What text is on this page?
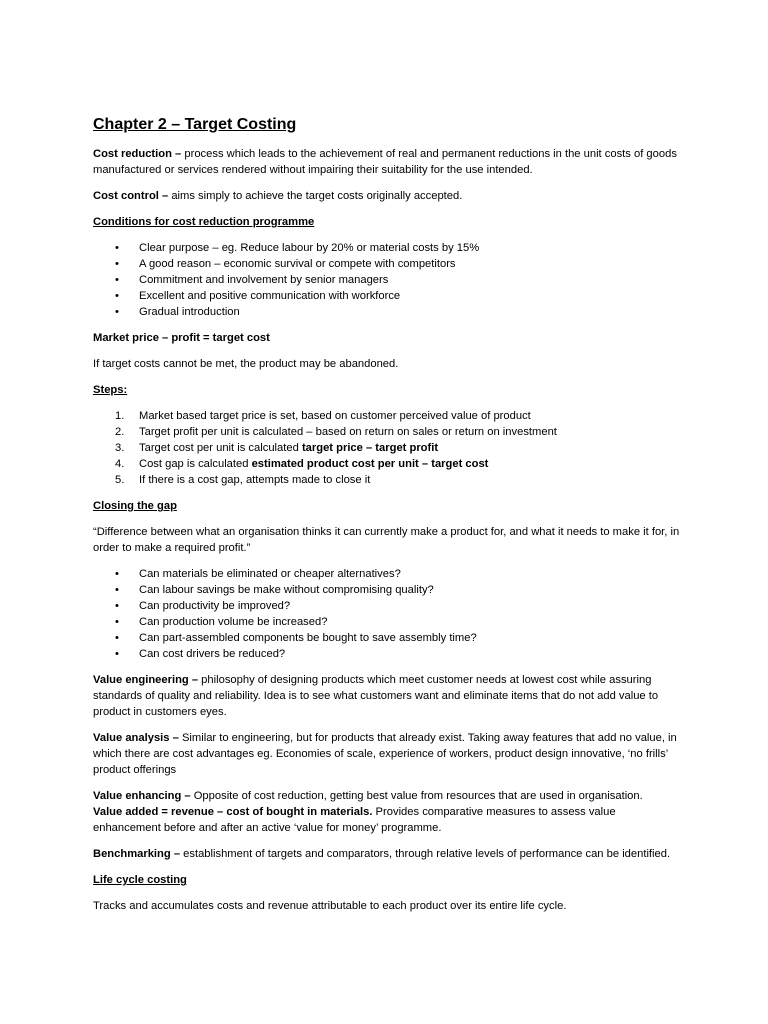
Chapter 2 – Target Costing

Cost reduction – process which leads to the achievement of real and permanent reductions in the unit costs of goods manufactured or services rendered without impairing their suitability for the use intended.

Cost control – aims simply to achieve the target costs originally accepted.

Conditions for cost reduction programme

• Clear purpose – eg. Reduce labour by 20% or material costs by 15%
• A good reason – economic survival or compete with competitors
• Commitment and involvement by senior managers
• Excellent and positive communication with workforce
• Gradual introduction

Market price – profit = target cost

If target costs cannot be met, the product may be abandoned.

Steps:

1.	Market based target price is set, based on customer perceived value of product
2.	Target profit per unit is calculated – based on return on sales or return on investment
3.	Target cost per unit is calculated target price – target profit
4.	Cost gap is calculated estimated product cost per unit – target cost
5.	If there is a cost gap, attempts made to close it

Closing the gap

“Difference between what an organisation thinks it can currently make a product for, and what it needs to make it for, in order to make a required profit.”

• Can materials be eliminated or cheaper alternatives?
• Can labour savings be make without compromising quality?
• Can productivity be improved?
• Can production volume be increased?
• Can part-assembled components be bought to save assembly time?
• Can cost drivers be reduced?

Value engineering – philosophy of designing products which meet customer needs at lowest cost while assuring standards of quality and reliability. Idea is to see what customers want and eliminate items that do not add value to product in customers eyes.

Value analysis – Similar to engineering, but for products that already exist. Taking away features that add no value, in which there are cost advantages eg. Economies of scale, experience of workers, product design innovative, ‘no frills’ product offerings

Value enhancing – Opposite of cost reduction, getting best value from resources that are used in organisation.
Value added = revenue – cost of bought in materials. Provides comparative measures to assess value enhancement before and after an active ‘value for money’ programme.

Benchmarking – establishment of targets and comparators, through relative levels of performance can be identified.

Life cycle costing

Tracks and accumulates costs and revenue attributable to each product over its entire life cycle.
